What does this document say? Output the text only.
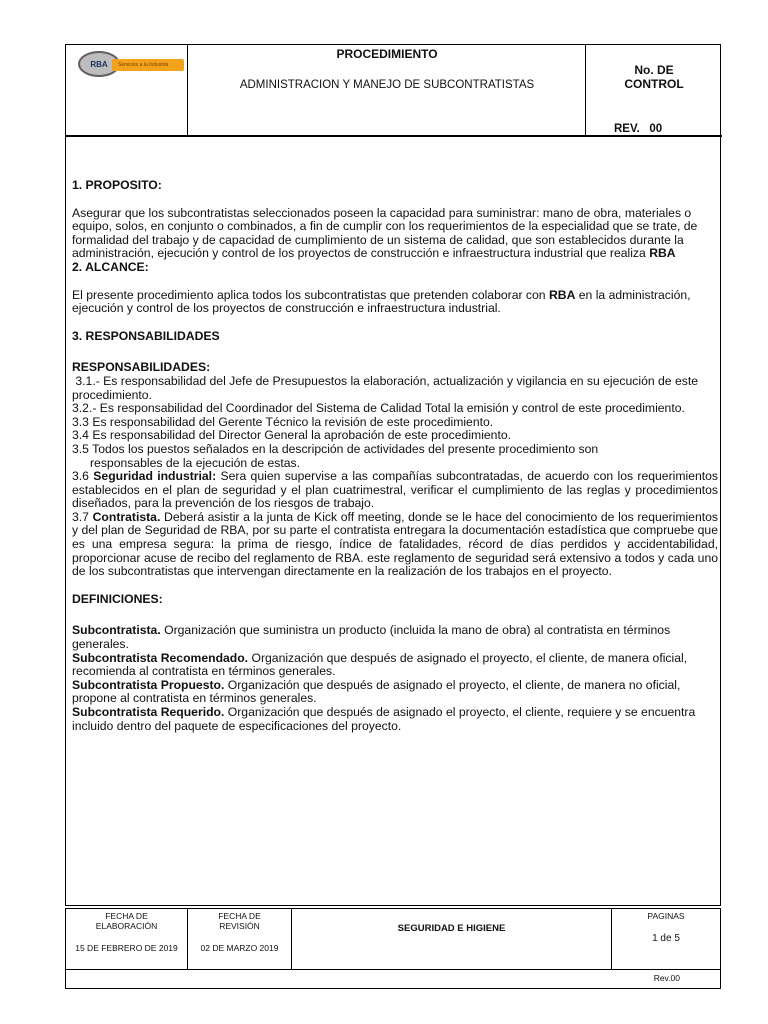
RBA	Servicios a la Industria
PROCEDIMIENTO
ADMINISTRACION Y MANEJO DE SUBCONTRATISTAS
No. DE
CONTROL
REV.   00

1. PROPOSITO:

Asegurar que los subcontratistas seleccionados poseen la capacidad para suministrar: mano de obra, materiales o equipo, solos, en conjunto o combinados, a fin de cumplir con los requerimientos de la especialidad que se trate, de formalidad del trabajo y de capacidad de cumplimiento de un sistema de calidad, que son establecidos durante la administración, ejecución y control de los proyectos de construcción e infraestructura industrial que realiza RBA

2. ALCANCE:

El presente procedimiento aplica todos los subcontratistas que pretenden colaborar con RBA en la administración, ejecución y control de los proyectos de construcción e infraestructura industrial.

3. RESPONSABILIDADES

RESPONSABILIDADES:

3.1.- Es responsabilidad del Jefe de Presupuestos la elaboración, actualización y vigilancia en su ejecución de este procedimiento.

3.2.- Es responsabilidad del Coordinador del Sistema de Calidad Total la emisión y control de este procedimiento.

3.3 Es responsabilidad del Gerente Técnico la revisión de este procedimiento.

3.4 Es responsabilidad del Director General la aprobación de este procedimiento.

3.5 Todos los puestos señalados en la descripción de actividades del presente procedimiento son

responsables de la ejecución de estas.

3.6 Seguridad industrial: Sera quien supervise a las compañías subcontratadas, de acuerdo con los requerimientos establecidos en el plan de seguridad y el plan cuatrimestral, verificar el cumplimiento de las reglas y procedimientos diseñados, para la prevención de los riesgos de trabajo.

3.7 Contratista. Deberá asistir a la junta de Kick off meeting, donde se le hace del conocimiento de los requerimientos y del plan de Seguridad de RBA, por su parte el contratista entregara la documentación estadística que compruebe que es una empresa segura: la prima de riesgo, índice de fatalidades, récord de días perdidos y accidentabilidad, proporcionar acuse de recibo del reglamento de RBA. este reglamento de seguridad será extensivo a todos y cada uno de los subcontratistas que intervengan directamente en la realización de los trabajos en el proyecto.

DEFINICIONES:

Subcontratista. Organización que suministra un producto (incluida la mano de obra) al contratista en términos generales.

Subcontratista Recomendado. Organización que después de asignado el proyecto, el cliente, de manera oficial, recomienda al contratista en términos generales.

Subcontratista Propuesto. Organización que después de asignado el proyecto, el cliente, de manera no oficial, propone al contratista en términos generales.

Subcontratista Requerido. Organización que después de asignado el proyecto, el cliente, requiere y se encuentra incluido dentro del paquete de especificaciones del proyecto.

FECHA DE
ELABORACIÓN
15 DE FEBRERO DE 2019
FECHA DE
REVISIÓN
02 DE MARZO 2019
SEGURIDAD E HIGIENE
PAGINAS
1 de 5
Rev.00
